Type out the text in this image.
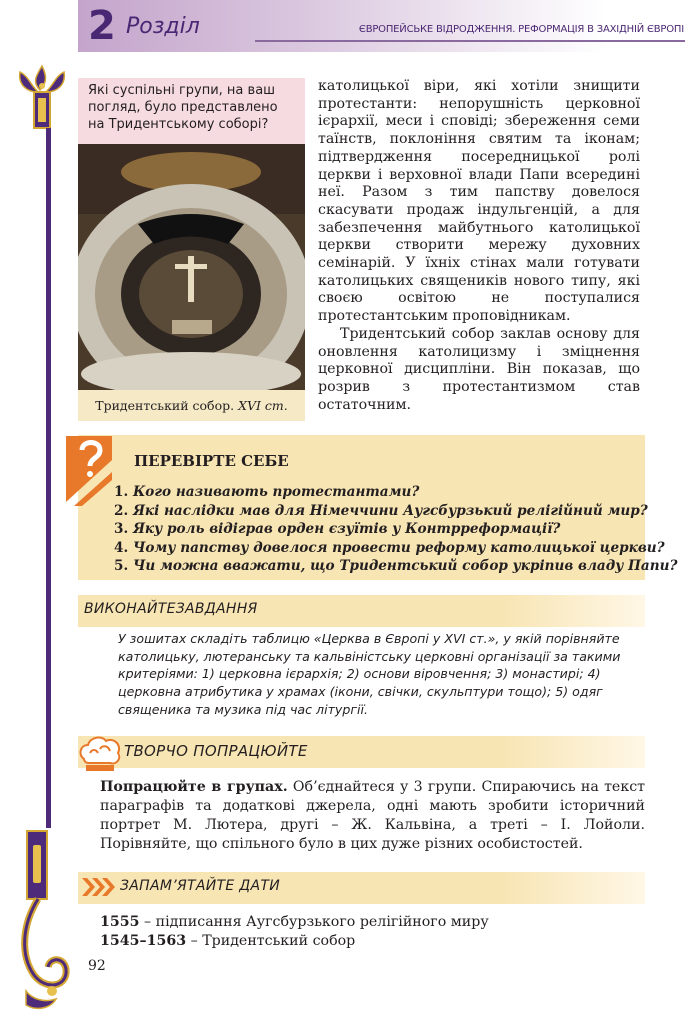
2 Розділ	ЄВРОПЕЙСЬКЕ ВІДРОДЖЕННЯ. РЕФОРМАЦІЯ В ЗАХІДНІЙ ЄВРОПІ
92
Які суспільні групи, на ваш погляд, було представлено на Тридентському соборі?
Тридентський собор. XVI ст.

католицької віри, які хотіли знищити протестанти: непорушність церковної ієрархії, меси і сповіді; збереження семи таїнств, поклоніння святим та іконам; підтвердження посередницької ролі церкви і верховної влади Папи всередині неї. Разом з тим папству довелося скасувати продаж індульгенцій, а для забезпечення майбутнього католицької церкви створити мережу духовних семінарій. У їхніх стінах мали готувати католицьких священиків нового типу, які своєю освітою не поступалися протестантським проповідникам.

Тридентський собор заклав основу для оновлення католицизму і зміцнення церковної дисципліни. Він показав, що розрив з протестантизмом став остаточним.

ПЕРЕВІРТЕ СЕБЕ
1. Кого називають протестантами?
2. Які наслідки мав для Німеччини Аугсбурзький релігійний мир?
3. Яку роль відіграв орден єзуїтів у Контрреформації?
4. Чому папству довелося провести реформу католицької церкви?
5. Чи можна вважати, що Тридентський собор укріпив владу Папи?
ВИКОНАЙТЕЗАВДАННЯ
У зошитах складіть таблицю «Церква в Європі у XVI ст.», у якій порівняйте католицьку, лютеранську та кальвіністську церковні організації за такими критеріями: 1) церковна ієрархія; 2) основи віровчення; 3) монастирі; 4) церковна атрибутика у храмах (ікони, свічки, скульптури тощо); 5) одяг священика та музика під час літургії.
ТВОРЧО ПОПРАЦЮЙТЕ
Попрацюйте в групах. Об’єднайтеся у 3 групи. Спираючись на текст параграфів та додаткові джерела, одні мають зробити історичний портрет М. Лютера, другі – Ж. Кальвіна, а треті – І. Лойоли. Порівняйте, що спільного було в цих дуже різних особистостей.
ЗАПАМ’ЯТАЙТЕ ДАТИ
1555 – підписання Аугсбурзького релігійного миру
1545–1563 – Тридентський собор
